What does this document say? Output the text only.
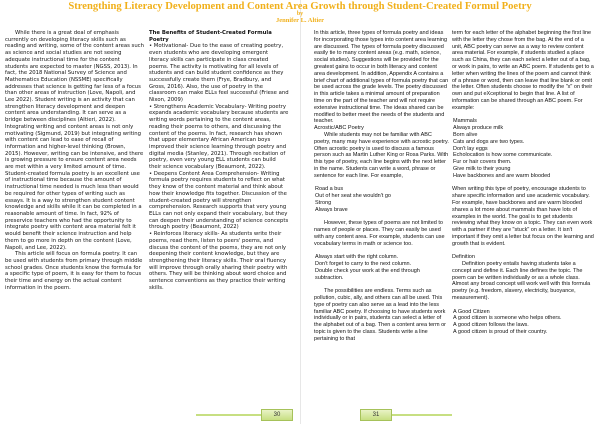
Strengthing Literacy Development and Content Area Growth through Student-Created Formul Poetry
by
Jennifer L. Altier

While there is a great deal of emphasis currently on developing literacy skills such as reading and writing, some of the content areas such as science and social studies are not seeing adequate instructional time for the content students are expected to master (NGSS, 2013). In fact, the 2018 National Survey of Science and Mathematics Education (NSSME) specifically addresses that science is getting far less of a focus than other areas of instruction (Love, Napoli, and Lee 2022). Student writing is an activity that can strengthen literacy development and deepen content area understanding. It can serve as a bridge between disciplines (Altieri, 2022). Integrating writing and content areas is not only motivating (Sigmund, 2019) but integrating writing with content can lead to ease of recall of information and higher-level thinking (Brown, 2015). However, writing can be intensive, and there is growing pressure to ensure content area needs are met within a very limited amount of time. Student-created formula poetry is an excellent use of instructional time because the amount of instructional time needed is much less than would be required for other types of writing such as essays. It is a way to strengthen student content knowledge and skills while it can be completed in a reasonable amount of time. In fact, 92% of preservice teachers who had the opportunity to integrate poetry with content area material felt it would benefit their science instruction and help them to go more in depth on the content (Love, Napoli, and Lee, 2022).

This article will focus on formula poetry. It can be used with students from primary through middle school grades. Once students know the formula for a specific type of poem, it is easy for them to focus their time and energy on the actual content information in the poem.

The Benefits of Student-Created Formula Poetry

• Motivational- Due to the ease of creating poetry, even students who are developing emergent literacy skills can participate in class created poems. The activity is motivating for all levels of students and can build student confidence as they successfully create them (Frye, Bradbury, and Gross, 2016). Also, the use of poetry in the classroom can make ELLs feel successful (Friese and Nixon, 2009)

• Strengthens Academic Vocabulary- Writing poetry expands academic vocabulary because students are writing words pertaining to the content areas, reading their poems to others, and discussing the content of the poems. In fact, research has shown that upper elementary African American boys improved their science learning through poetry and digital media (Stanley, 2021). Through recitation of poetry, even very young ELL students can build their science vocabulary (Beaumont, 2022).

• Deepens Content Area Comprehension- Writing formula poetry requires students to reflect on what they know of the content material and think about how their knowledge fits together. Discussion of the student-created poetry will strengthen comprehension. Research supports that very young ELLs can not only expand their vocabulary, but they can deepen their understanding of science concepts through poetry (Beaumont, 2022)

• Reinforces literacy skills- As students write their poems, read them, listen to peers' poems, and discuss the content of the poems, they are not only deepening their content knowledge, but they are strengthening their literacy skills. Their oral fluency will improve through orally sharing their poetry with others. They will be thinking about word choice and sentence conventions as they practice their writing skills.

In this article, three types of formula poetry and ideas for incorporating those types into content area learning are discussed. The types of formula poetry discussed easily tie to many content areas (e.g. math, science, social studies). Suggestions will be provided for the greatest gains to occur in both literacy and content area development. In addition, Appendix A contains a brief chart of additional types of formula poetry that can be used across the grade levels. The poetry discussed in this article takes a minimal amount of preparation time on the part of the teacher and will not require extensive instructional time. The ideas shared can be modified to better meet the needs of the students and teacher.

Acrostic/ABC Poetry

While students may not be familiar with ABC poetry, many may have experience with acrostic poetry. Often acrostic poetry is used to discuss a famous person such as Martin Luther King or Rosa Parks. With this type of poetry, each line begins with the next letter in the name. Students can write a word, phrase or sentence for each line. For example,

Road a bus

Out of her seat she wouldn't go

Strong

Always brave

However, these types of poems are not limited to names of people or places. They can easily be used with any content area. For example, students can use vocabulary terms in math or science too.

Always start with the right column.

Don't forget to carry to the next column.

Double check your work at the end through subtraction.

The possibilities are endless. Terms such as pollution, cubic, ally, and others can all be used. This type of poetry can also serve as a lead into the less familiar ABC poetry. If choosing to have students work individually or in pairs, students can select a letter of the alphabet out of a bag. Then a content area term or topic is given to the class. Students write a line pertaining to that

term for each letter of the alphabet beginning the first line with the letter they chose from the bag. At the end of a unit, ABC poetry can serve as a way to review content area material. For example, if students studied a place such as China, they can each select a letter out of a bag, or work in pairs, to write an ABC poem. If students get to a letter when writing the lines of the poem and cannot think of a phrase or word, then can leave that line blank or omit the letter. Often students choose to modify the "x" on their own and put eXceptional to begin that line. A list of information can be shared through an ABC poem. For example:

Mammals

Always produce milk

Born alive

Cats and dogs are two types.

Don't lay eggs

Echolocation is how some communicate.

Fur or hair covers them.

Give milk to their young

Have backbones and are warm blooded

When writing this type of poetry, encourage students to share specific information and use academic vocabulary. For example, have backbones and are warm blooded shares a lot more about mammals than have lots of examples in the world. The goal is to get students reviewing what they know on a topic. They can even work with a partner if they are "stuck" on a letter. It isn't important if they omit a letter but focus on the learning and growth that is evident.

Definition

Definition poetry entails having students take a concept and define it. Each line defines the topic. The poem can be written individually or as a whole class. Almost any broad concept will work well with this formula poetry (e.g. freedom, slavery, electricity, buoyance, measurement).

A Good Citizen

A good citizen is someone who helps others.

A good citizen follows the laws.

A good citizen is proud of their country.

30	31
